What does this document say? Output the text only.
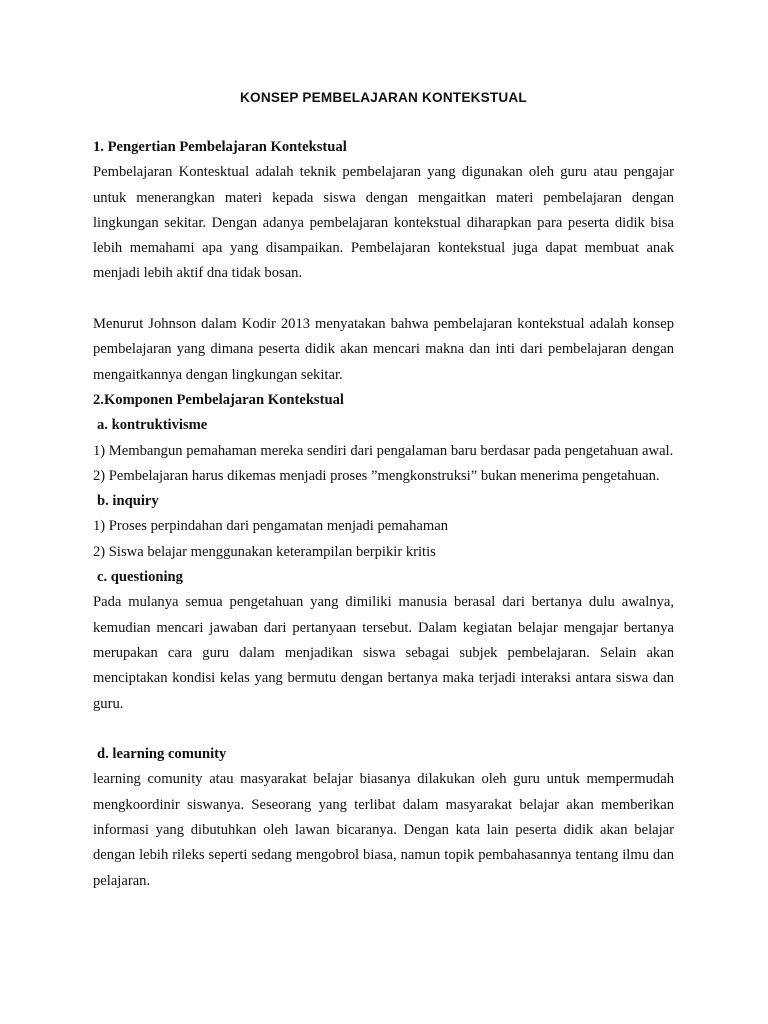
KONSEP PEMBELAJARAN KONTEKSTUAL

1. Pengertian Pembelajaran Kontekstual

Pembelajaran Kontesktual adalah teknik pembelajaran yang digunakan oleh guru atau pengajar untuk menerangkan materi kepada siswa dengan mengaitkan materi pembelajaran dengan lingkungan sekitar. Dengan adanya pembelajaran kontekstual diharapkan para peserta didik bisa lebih memahami apa yang disampaikan. Pembelajaran kontekstual juga dapat membuat anak menjadi lebih aktif dna tidak bosan.

Menurut Johnson dalam Kodir 2013 menyatakan bahwa pembelajaran kontekstual adalah konsep pembelajaran yang dimana peserta didik akan mencari makna dan inti dari pembelajaran dengan mengaitkannya dengan lingkungan sekitar.

2.Komponen Pembelajaran Kontekstual

a. kontruktivisme

1) Membangun pemahaman mereka sendiri dari pengalaman baru berdasar pada pengetahuan awal.

2) Pembelajaran harus dikemas menjadi proses ”mengkonstruksi” bukan menerima pengetahuan.

b. inquiry

1) Proses perpindahan dari pengamatan menjadi pemahaman

2) Siswa belajar menggunakan keterampilan berpikir kritis

c. questioning

Pada mulanya semua pengetahuan yang dimiliki manusia berasal dari bertanya dulu awalnya, kemudian mencari jawaban dari pertanyaan tersebut. Dalam kegiatan belajar mengajar bertanya merupakan cara guru dalam menjadikan siswa sebagai subjek pembelajaran. Selain akan menciptakan kondisi kelas yang bermutu dengan bertanya maka terjadi interaksi antara siswa dan guru.

d. learning comunity

learning comunity atau masyarakat belajar biasanya dilakukan oleh guru untuk mempermudah mengkoordinir siswanya. Seseorang yang terlibat dalam masyarakat belajar akan memberikan informasi yang dibutuhkan oleh lawan bicaranya. Dengan kata lain peserta didik akan belajar dengan lebih rileks seperti sedang mengobrol biasa, namun topik pembahasannya tentang ilmu dan pelajaran.
